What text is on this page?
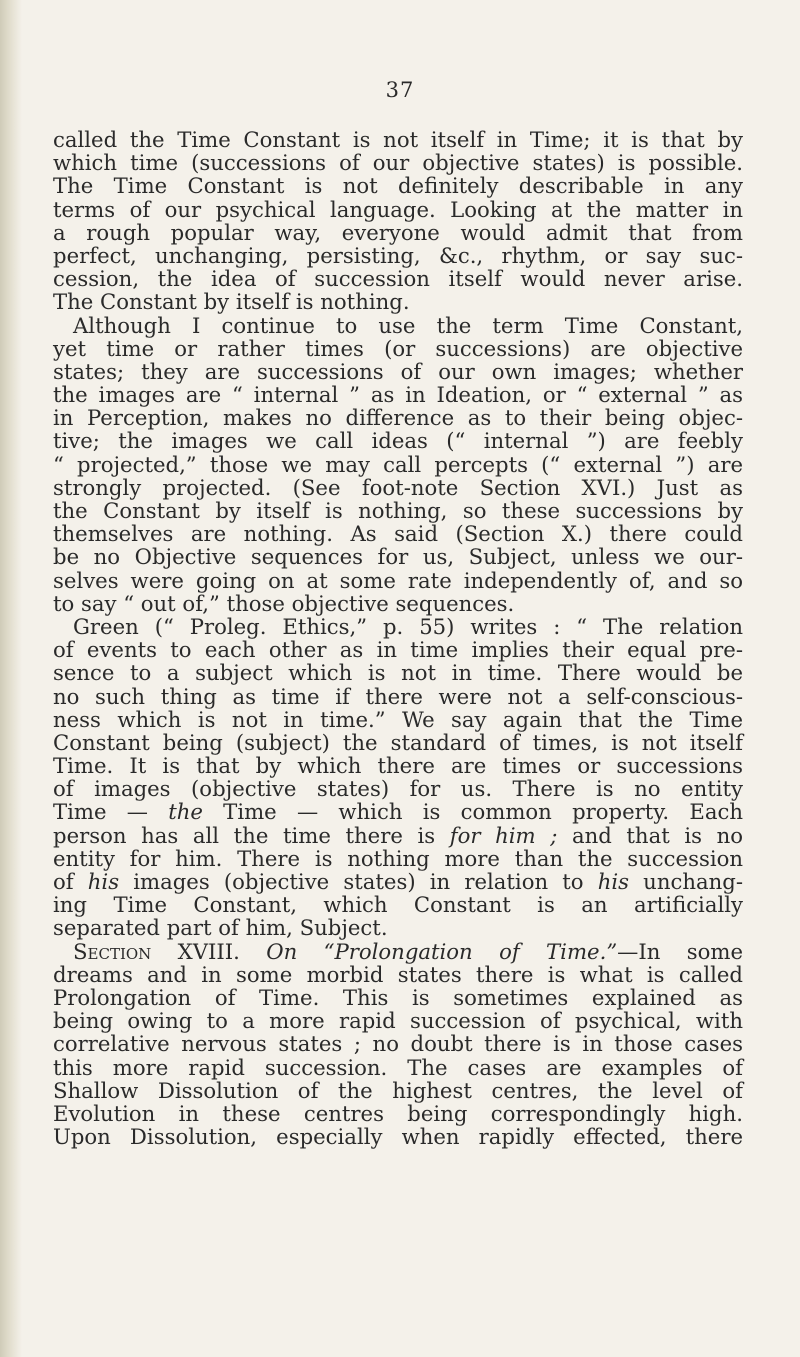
37
called the Time Constant is not itself in Time; it is that by
which time (successions of our objective states) is possible.
The Time Constant is not definitely describable in any
terms of our psychical language. Looking at the matter in
a rough popular way, everyone would admit that from
perfect, unchanging, persisting, &c., rhythm, or say suc-
cession, the idea of succession itself would never arise.
The Constant by itself is nothing.
Although I continue to use the term Time Constant,
yet time or rather times (or successions) are objective
states; they are successions of our own images; whether
the images are “ internal ” as in Ideation, or “ external ” as
in Perception, makes no difference as to their being objec-
tive; the images we call ideas (“ internal ”) are feebly
“ projected,” those we may call percepts (“ external ”) are
strongly projected. (See foot-note Section XVI.) Just as
the Constant by itself is nothing, so these successions by
themselves are nothing. As said (Section X.) there could
be no Objective sequences for us, Subject, unless we our-
selves were going on at some rate independently of, and so
to say “ out of,” those objective sequences.
Green (“ Proleg. Ethics,” p. 55) writes : “ The relation
of events to each other as in time implies their equal pre-
sence to a subject which is not in time. There would be
no such thing as time if there were not a self-conscious-
ness which is not in time.” We say again that the Time
Constant being (subject) the standard of times, is not itself
Time. It is that by which there are times or successions
of images (objective states) for us. There is no entity
Time — the Time — which is common property. Each
person has all the time there is for him ; and that is no
entity for him. There is nothing more than the succession
of his images (objective states) in relation to his unchang-
ing Time Constant, which Constant is an artificially
separated part of him, Subject.
Section XVIII. On “Prolongation of Time.”—In some
dreams and in some morbid states there is what is called
Prolongation of Time. This is sometimes explained as
being owing to a more rapid succession of psychical, with
correlative nervous states ; no doubt there is in those cases
this more rapid succession. The cases are examples of
Shallow Dissolution of the highest centres, the level of
Evolution in these centres being correspondingly high.
Upon Dissolution, especially when rapidly effected, there
